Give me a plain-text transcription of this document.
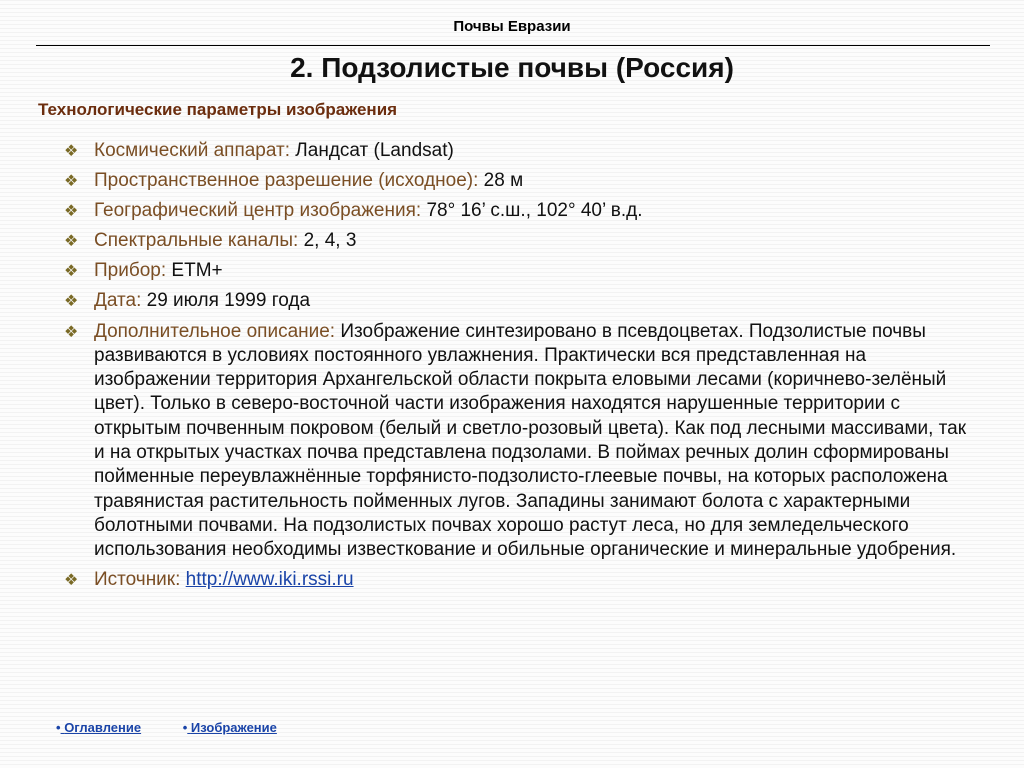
Почвы Евразии
2. Подзолистые почвы (Россия)
Технологические параметры изображения
❖ Космический аппарат: Ландсат (Landsat)
❖ Пространственное разрешение (исходное): 28 м
❖ Географический центр изображения: 78° 16’ с.ш., 102° 40’ в.д.
❖ Спектральные каналы: 2, 4, 3
❖ Прибор: ETM+
❖ Дата: 29 июля 1999 года
❖ Дополнительное описание: Изображение синтезировано в псевдоцветах. Подзолистые почвы развиваются в условиях постоянного увлажнения. Практически вся представленная на изображении территория Архангельской области покрыта еловыми лесами (коричнево-зелёный цвет). Только в северо-восточной части изображения находятся нарушенные территории с открытым почвенным покровом (белый и светло-розовый цвета). Как под лесными массивами, так и на открытых участках почва представлена подзолами. В поймах речных долин сформированы пойменные переувлажнённые торфянисто-подзолисто-глеевые почвы, на которых расположена травянистая растительность пойменных лугов. Западины занимают болота с характерными болотными почвами. На подзолистых почвах хорошо растут леса, но для земледельческого использования необходимы известкование и обильные органические и минеральные удобрения.
❖ Источник: http://www.iki.rssi.ru
• Оглавление	• Изображение
